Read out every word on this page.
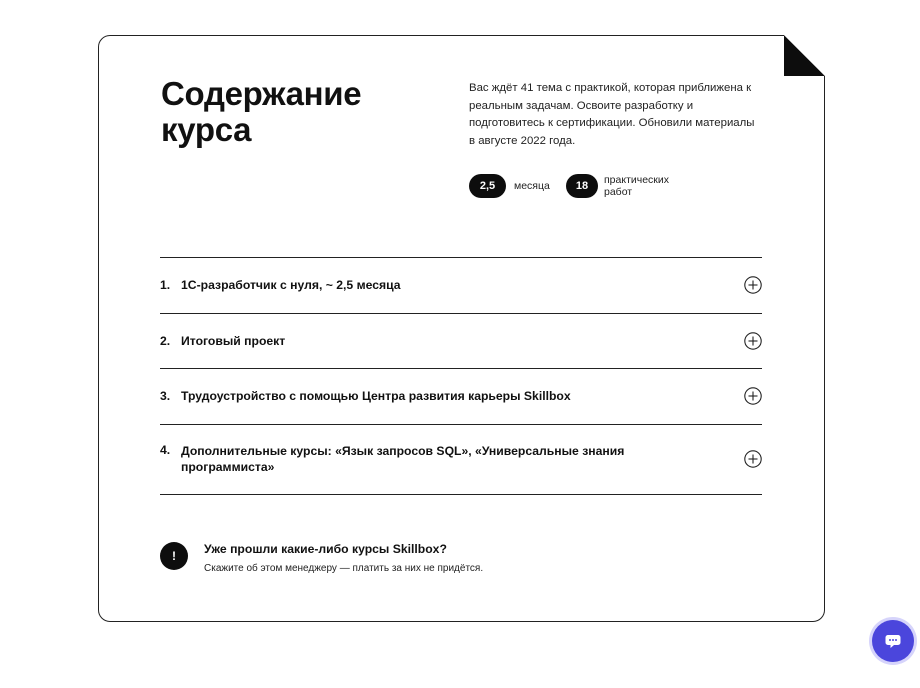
Содержание курса

Вас ждёт 41 тема с практикой, которая приближена к реальным задачам. Освоите разработку и подготовитесь к сертификации. Обновили материалы в августе 2022 года.

2,5	месяца	18	практических работ
1. 1С-разработчик с нуля, ~ 2,5 месяца
2. Итоговый проект
3. Трудоустройство с помощью Центра развития карьеры Skillbox
4. Дополнительные курсы: «Язык запросов SQL», «Универсальные знания программиста»
!	Уже прошли какие-либо курсы Skillbox?
Скажите об этом менеджеру — платить за них не придётся.
